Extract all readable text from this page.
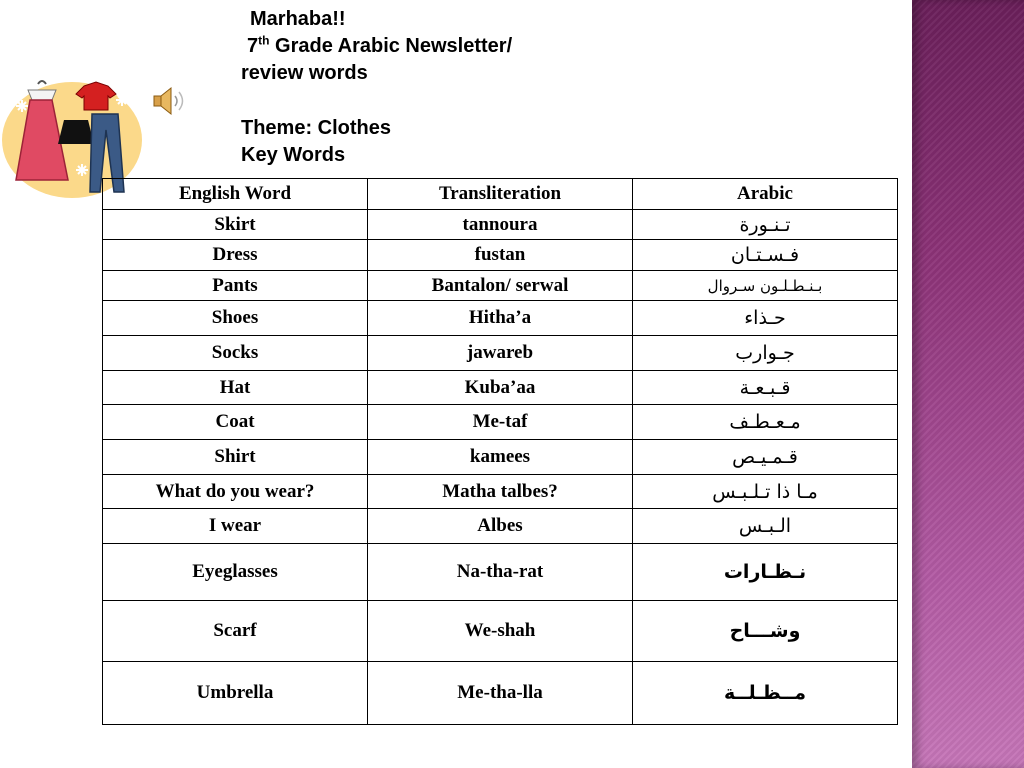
Marhaba!!
7th Grade Arabic Newsletter/
review words
Theme: Clothes
Key Words
English Word	Transliteration	Arabic
Skirt	tannoura	تـنـورة
Dress	fustan	فـسـتـان
Pants	Bantalon/ serwal	بـنـطـلـون سـروال
Shoes	Hitha’a	حـذاء
Socks	jawareb	جـوارب
Hat	Kuba’aa	قـبـعـة
Coat	Me-taf	مـعـطـف
Shirt	kamees	قـمـيـص
What do you wear?	Matha talbes?	مـا ذا تـلـبـس
I wear	Albes	الـبـس
Eyeglasses	Na-tha-rat	نـظـارات
Scarf	We-shah	وشـــاح
Umbrella	Me-tha-lla	مــظـلــة
